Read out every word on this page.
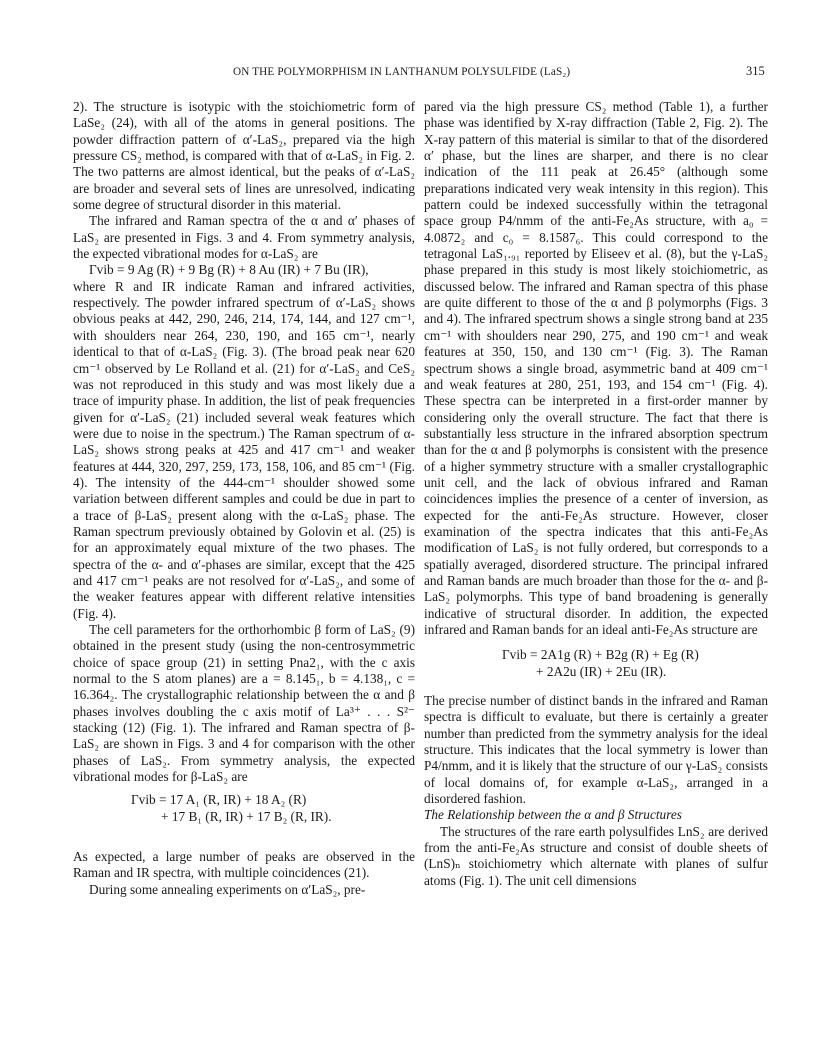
ON THE POLYMORPHISM IN LANTHANUM POLYSULFIDE (LaS₂)	315

2). The structure is isotypic with the stoichiometric form of LaSe₂ (24), with all of the atoms in general positions. The powder diffraction pattern of α′-LaS₂, prepared via the high pressure CS₂ method, is compared with that of α-LaS₂ in Fig. 2. The two patterns are almost identical, but the peaks of α′-LaS₂ are broader and several sets of lines are unresolved, indicating some degree of structural disorder in this material.

The infrared and Raman spectra of the α and α′ phases of LaS₂ are presented in Figs. 3 and 4. From symmetry analysis, the expected vibrational modes for α-LaS₂ are

Γvib = 9 Ag (R) + 9 Bg (R) + 8 Au (IR) + 7 Bu (IR),

where R and IR indicate Raman and infrared activities, respectively. The powder infrared spectrum of α′-LaS₂ shows obvious peaks at 442, 290, 246, 214, 174, 144, and 127 cm⁻¹, with shoulders near 264, 230, 190, and 165 cm⁻¹, nearly identical to that of α-LaS₂ (Fig. 3). (The broad peak near 620 cm⁻¹ observed by Le Rolland et al. (21) for α′-LaS₂ and CeS₂ was not reproduced in this study and was most likely due a trace of impurity phase. In addition, the list of peak frequencies given for α′-LaS₂ (21) included several weak features which were due to noise in the spectrum.) The Raman spectrum of α-LaS₂ shows strong peaks at 425 and 417 cm⁻¹ and weaker features at 444, 320, 297, 259, 173, 158, 106, and 85 cm⁻¹ (Fig. 4). The intensity of the 444-cm⁻¹ shoulder showed some variation between different samples and could be due in part to a trace of β-LaS₂ present along with the α-LaS₂ phase. The Raman spectrum previously obtained by Golovin et al. (25) is for an approximately equal mixture of the two phases. The spectra of the α- and α′-phases are similar, except that the 425 and 417 cm⁻¹ peaks are not resolved for α′-LaS₂, and some of the weaker features appear with different relative intensities (Fig. 4).

The cell parameters for the orthorhombic β form of LaS₂ (9) obtained in the present study (using the non-centrosymmetric choice of space group (21) in setting Pna2₁, with the c axis normal to the S atom planes) are a = 8.145₁, b = 4.138₁, c = 16.364₂. The crystallographic relationship between the α and β phases involves doubling the c axis motif of La³⁺ . . . S²⁻ stacking (12) (Fig. 1). The infrared and Raman spectra of β-LaS₂ are shown in Figs. 3 and 4 for comparison with the other phases of LaS₂. From symmetry analysis, the expected vibrational modes for β-LaS₂ are

Γvib = 17 A₁ (R, IR) + 18 A₂ (R)
+ 17 B₁ (R, IR) + 17 B₂ (R, IR).

As expected, a large number of peaks are observed in the Raman and IR spectra, with multiple coincidences (21).

During some annealing experiments on α′LaS₂, pre-

pared via the high pressure CS₂ method (Table 1), a further phase was identified by X-ray diffraction (Table 2, Fig. 2). The X-ray pattern of this material is similar to that of the disordered α′ phase, but the lines are sharper, and there is no clear indication of the 111 peak at 26.45° (although some preparations indicated very weak intensity in this region). This pattern could be indexed successfully within the tetragonal space group P4/nmm of the anti-Fe₂As structure, with a₀ = 4.0872₂ and c₀ = 8.1587₆. This could correspond to the tetragonal LaS₁.₉₁ reported by Eliseev et al. (8), but the γ-LaS₂ phase prepared in this study is most likely stoichiometric, as discussed below. The infrared and Raman spectra of this phase are quite different to those of the α and β polymorphs (Figs. 3 and 4). The infrared spectrum shows a single strong band at 235 cm⁻¹ with shoulders near 290, 275, and 190 cm⁻¹ and weak features at 350, 150, and 130 cm⁻¹ (Fig. 3). The Raman spectrum shows a single broad, asymmetric band at 409 cm⁻¹ and weak features at 280, 251, 193, and 154 cm⁻¹ (Fig. 4). These spectra can be interpreted in a first-order manner by considering only the overall structure. The fact that there is substantially less structure in the infrared absorption spectrum than for the α and β polymorphs is consistent with the presence of a higher symmetry structure with a smaller crystallographic unit cell, and the lack of obvious infrared and Raman coincidences implies the presence of a center of inversion, as expected for the anti-Fe₂As structure. However, closer examination of the spectra indicates that this anti-Fe₂As modification of LaS₂ is not fully ordered, but corresponds to a spatially averaged, disordered structure. The principal infrared and Raman bands are much broader than those for the α- and β-LaS₂ polymorphs. This type of band broadening is generally indicative of structural disorder. In addition, the expected infrared and Raman bands for an ideal anti-Fe₂As structure are

Γvib = 2A1g (R) + B2g (R) + Eg (R)
+ 2A2u (IR) + 2Eu (IR).

The precise number of distinct bands in the infrared and Raman spectra is difficult to evaluate, but there is certainly a greater number than predicted from the symmetry analysis for the ideal structure. This indicates that the local symmetry is lower than P4/nmm, and it is likely that the structure of our γ-LaS₂ consists of local domains of, for example α-LaS₂, arranged in a disordered fashion.

The Relationship between the α and β Structures

The structures of the rare earth polysulfides LnS₂ are derived from the anti-Fe₂As structure and consist of double sheets of (LnS)ₙ stoichiometry which alternate with planes of sulfur atoms (Fig. 1). The unit cell dimensions
